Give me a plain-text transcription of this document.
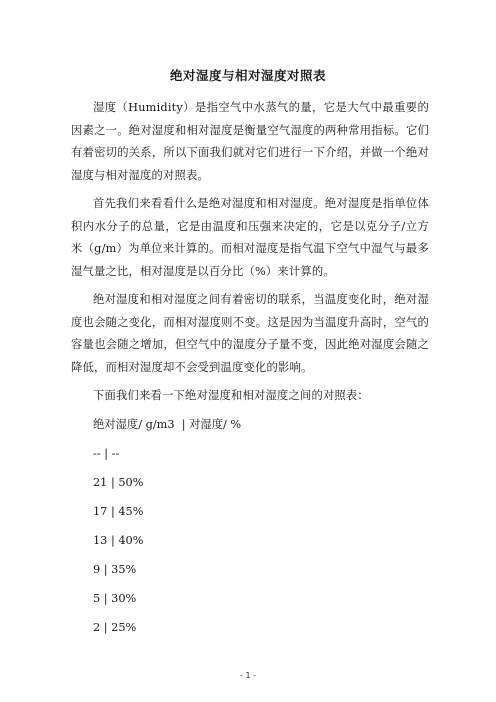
绝对湿度与相对湿度对照表

湿度（Humidity）是指空气中水蒸气的量，它是大气中最重要的因素之一。绝对湿度和相对湿度是衡量空气湿度的两种常用指标。它们有着密切的关系，所以下面我们就对它们进行一下介绍，并做一个绝对湿度与相对湿度的对照表。

首先我们来看看什么是绝对湿度和相对湿度。绝对湿度是指单位体积内水分子的总量，它是由温度和压强来决定的，它是以克分子/立方米（g/m）为单位来计算的。而相对湿度是指气温下空气中湿气与最多湿气量之比，相对湿度是以百分比（%）来计算的。

绝对湿度和相对湿度之间有着密切的联系，当温度变化时，绝对湿度也会随之变化，而相对湿度则不变。这是因为当温度升高时，空气的容量也会随之增加，但空气中的湿度分子量不变，因此绝对湿度会随之降低，而相对湿度却不会受到温度变化的影响。

下面我们来看一下绝对湿度和相对湿度之间的对照表：

绝对湿度/ g/m3  | 对湿度/ %
-- | --
21 | 50%
17 | 45%
13 | 40%
9 | 35%
5 | 30%
2 | 25%
- 1 -
